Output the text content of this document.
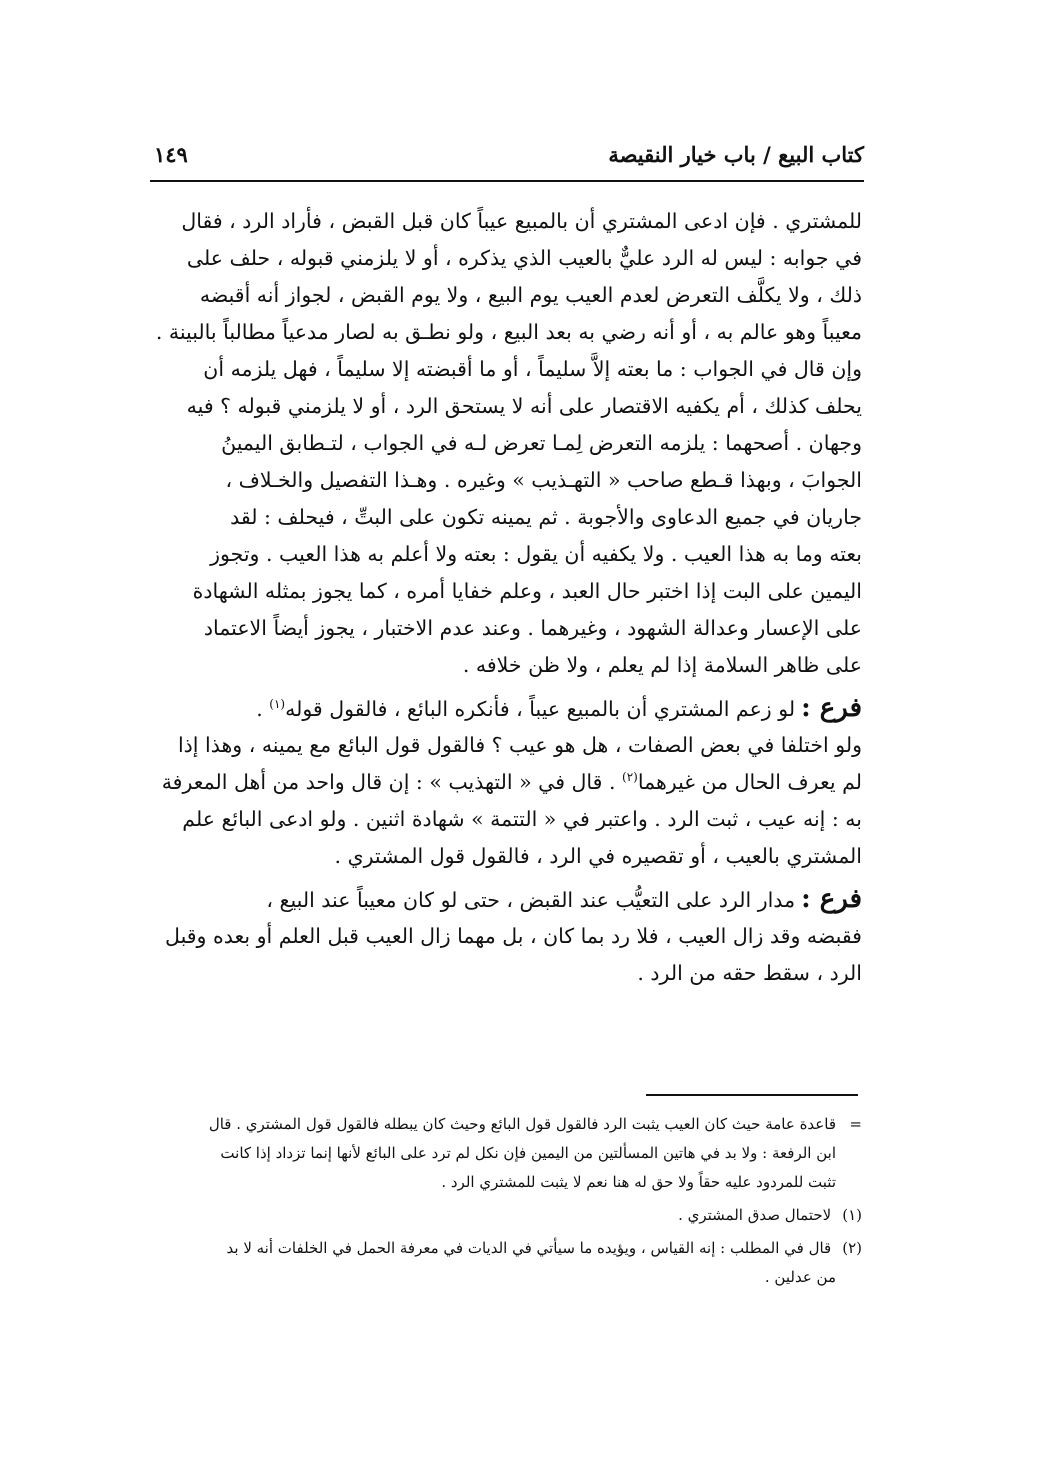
كتاب البيع / باب خيار النقيصة
١٤٩
للمشتري . فإن ادعى المشتري أن بالمبيع عيباً كان قبل القبض ، فأراد الرد ، فقال
في جوابه : ليس له الرد عليٌّ بالعيب الذي يذكره ، أو لا يلزمني قبوله ، حلف على
ذلك ، ولا يكلَّف التعرض لعدم العيب يوم البيع ، ولا يوم القبض ، لجواز أنه أقبضه
معيباً وهو عالم به ، أو أنه رضي به بعد البيع ، ولو نطـق به لصار مدعياً مطالباً بالبينة .
وإن قال في الجواب : ما بعته إلاَّ سليماً ، أو ما أقبضته إلا سليماً ، فهل يلزمه أن
يحلف كذلك ، أم يكفيه الاقتصار على أنه لا يستحق الرد ، أو لا يلزمني قبوله ؟ فيه
وجهان . أصحهما : يلزمه التعرض لِمـا تعرض لـه في الجواب ، لتـطابق اليمينُ
الجوابَ ، وبهذا قـطع صاحب « التهـذيب » وغيره . وهـذا التفصيل والخـلاف ،
جاريان في جميع الدعاوى والأجوبة . ثم يمينه تكون على البتِّ ، فيحلف : لقد
بعته وما به هذا العيب . ولا يكفيه أن يقول : بعته ولا أعلم به هذا العيب . وتجوز
اليمين على البت إذا اختبر حال العبد ، وعلم خفايا أمره ، كما يجوز بمثله الشهادة
على الإعسار وعدالة الشهود ، وغيرهما . وعند عدم الاختبار ، يجوز أيضاً الاعتماد
على ظاهر السلامة إذا لم يعلم ، ولا ظن خلافه .
فرع :لو زعم المشتري أن بالمبيع عيباً ، فأنكره البائع ، فالقول قوله$^{(١)}$ .
ولو اختلفا في بعض الصفات ، هل هو عيب ؟ فالقول قول البائع مع يمينه ، وهذا إذا
لم يعرف الحال من غيرهما$^{(٢)}$ . قال في « التهذيب » : إن قال واحد من أهل المعرفة
به : إنه عيب ، ثبت الرد . واعتبر في « التتمة » شهادة اثنين . ولو ادعى البائع علم
المشتري بالعيب ، أو تقصيره في الرد ، فالقول قول المشتري .
فرع :مدار الرد على التعيُّب عند القبض ، حتى لو كان معيباً عند البيع ،
فقبضه وقد زال العيب ، فلا رد بما كان ، بل مهما زال العيب قبل العلم أو بعده وقبل
الرد ، سقط حقه من الرد .
=قاعدة عامة حيث كان العيب يثبت الرد فالقول قول البائع وحيث كان يبطله فالقول قول المشتري . قال
ابن الرفعة : ولا بد في هاتين المسألتين من اليمين فإن نكل لم ترد على البائع لأنها إنما تزداد إذا كانت
تثبت للمردود عليه حقاً ولا حق له هنا نعم لا يثبت للمشتري الرد .
(١) لاحتمال صدق المشتري .
(٢) قال في المطلب : إنه القياس ، ويؤيده ما سيأتي في الديات في معرفة الحمل في الخلفات أنه لا بد
من عدلين .
